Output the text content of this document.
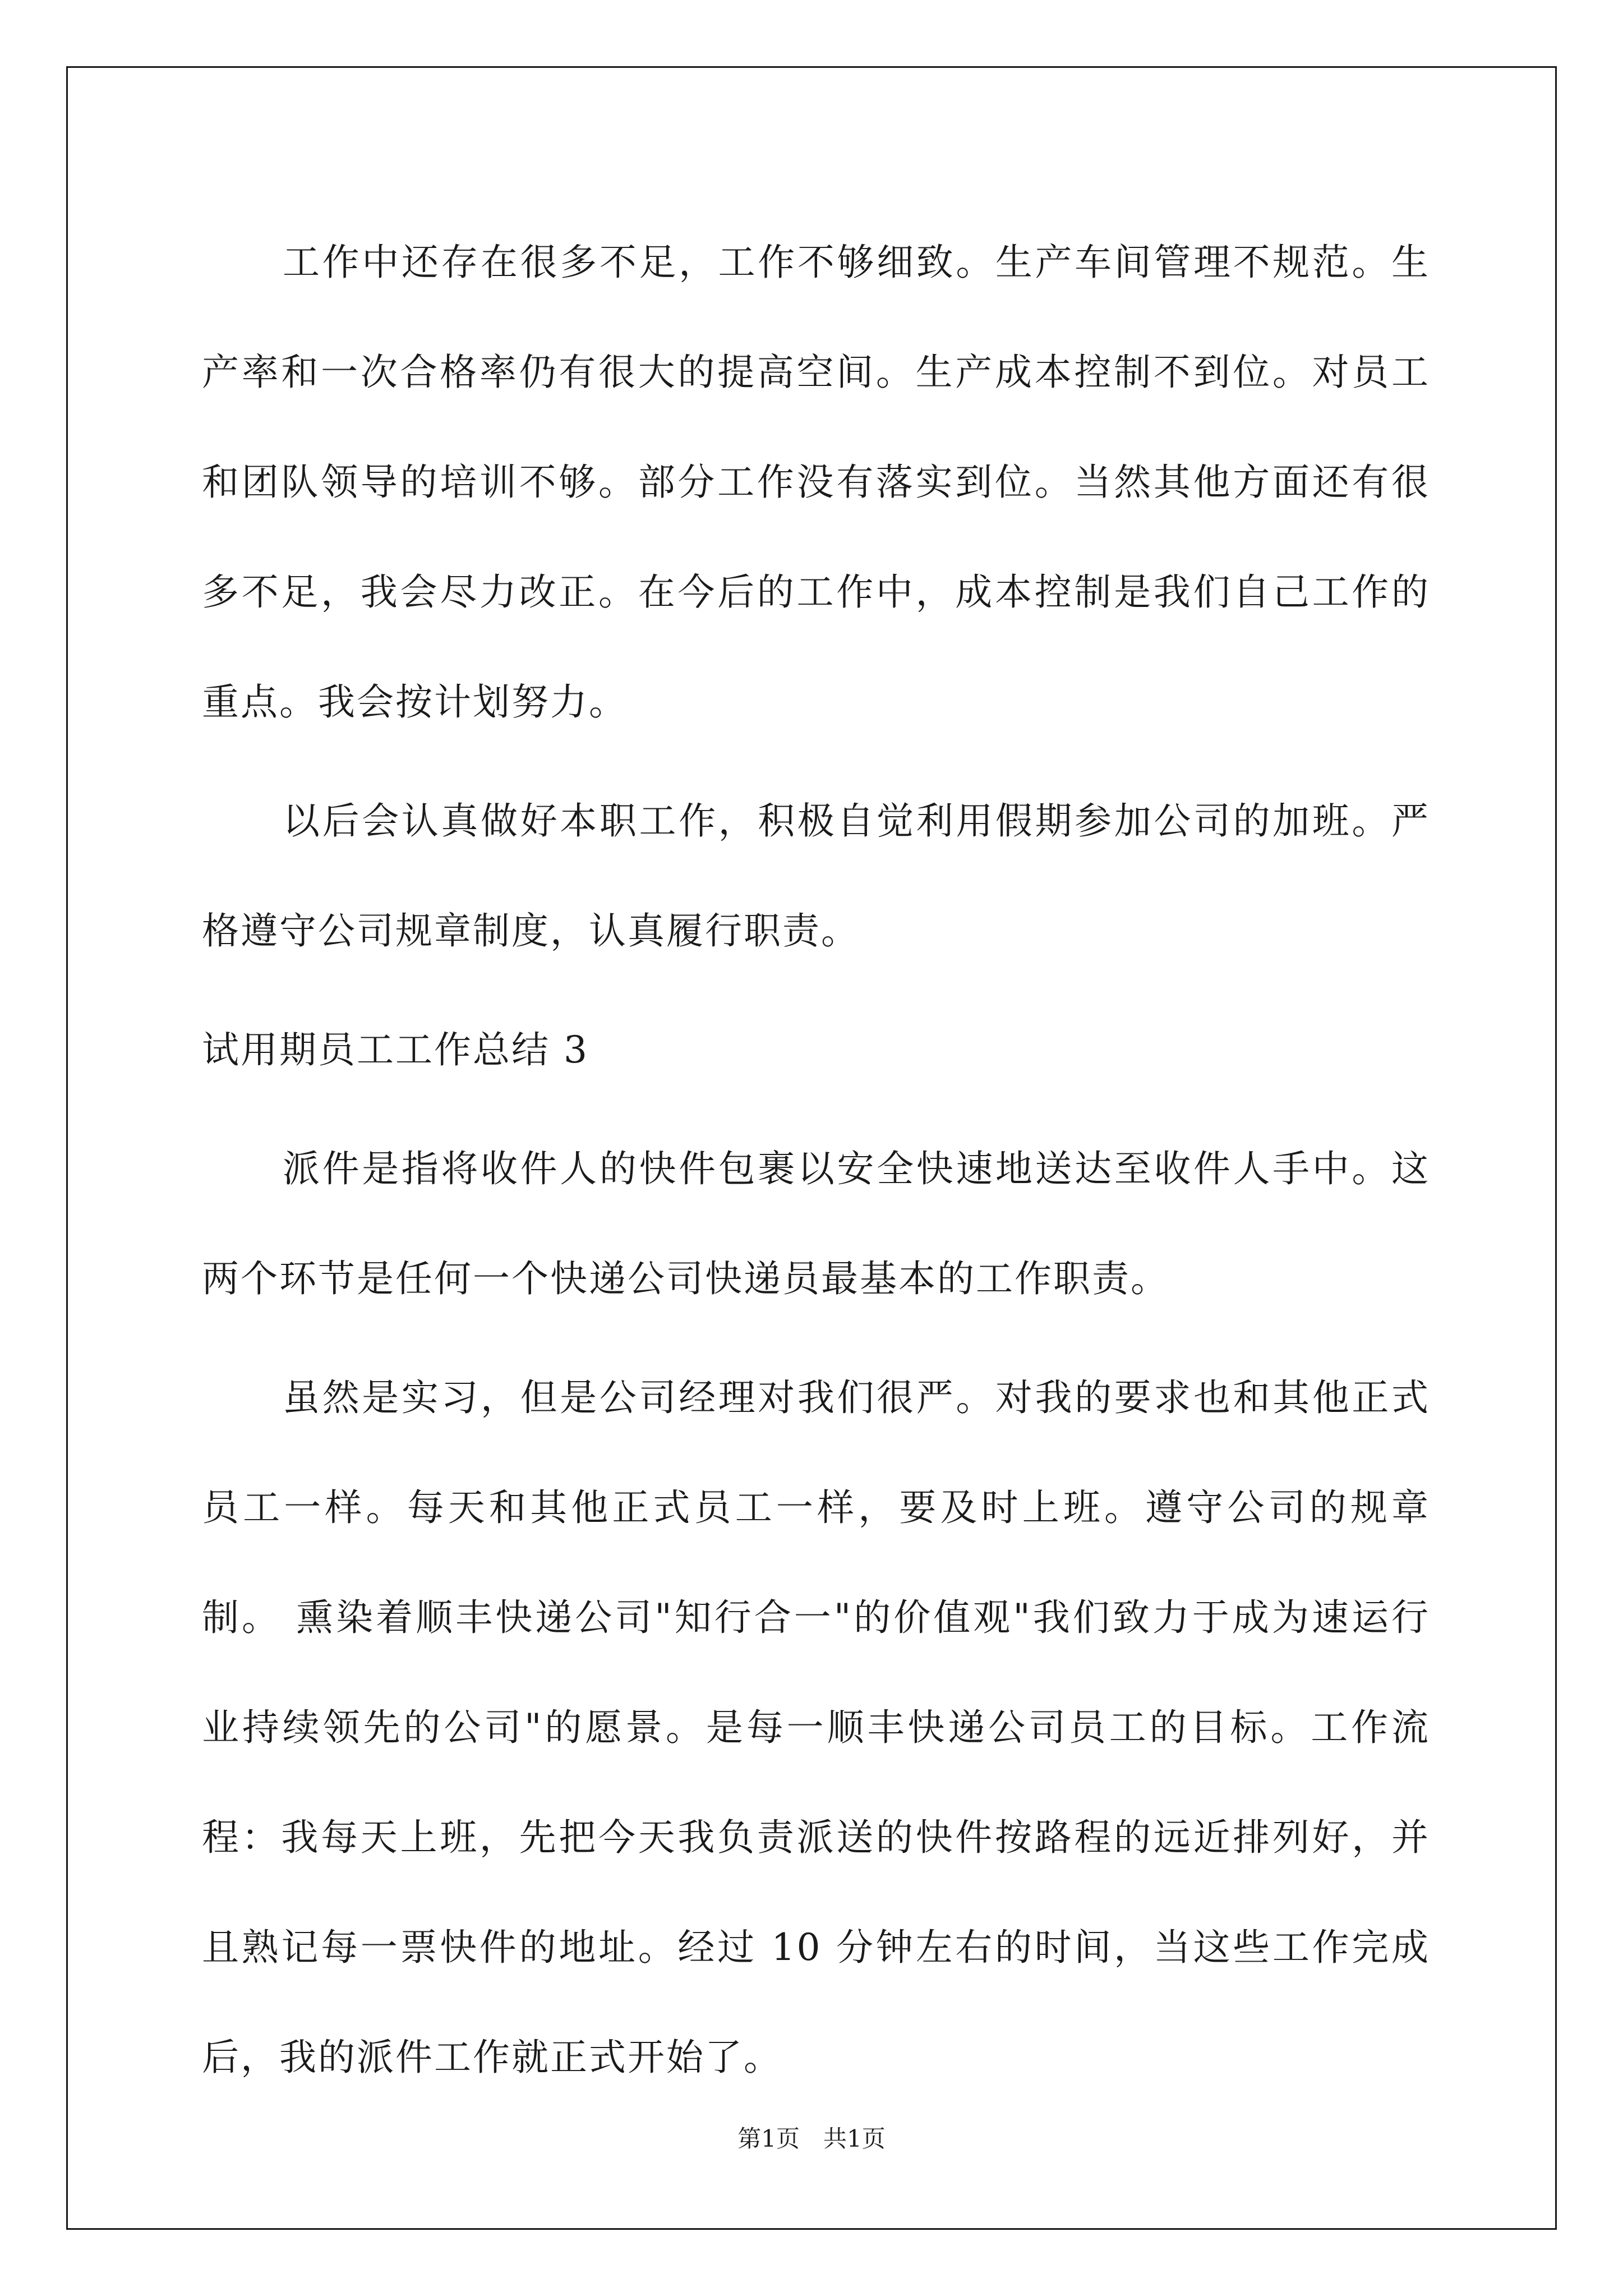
工作中还存在很多不足，工作不够细致。生产车间管理不规范。生产率和一次合格率仍有很大的提高空间。生产成本控制不到位。对员工和团队领导的培训不够。部分工作没有落实到位。当然其他方面还有很多不足，我会尽力改正。在今后的工作中，成本控制是我们自己工作的重点。我会按计划努力。

以后会认真做好本职工作，积极自觉利用假期参加公司的加班。严格遵守公司规章制度，认真履行职责。

试用期员工工作总结 3

派件是指将收件人的快件包裹以安全快速地送达至收件人手中。这两个环节是任何一个快递公司快递员最基本的工作职责。

虽然是实习，但是公司经理对我们很严。对我的要求也和其他正式员工一样。每天和其他正式员工一样，要及时上班。遵守公司的规章制。 熏染着顺丰快递公司"知行合一"的价值观"我们致力于成为速运行业持续领先的公司"的愿景。是每一顺丰快递公司员工的目标。工作流程：我每天上班，先把今天我负责派送的快件按路程的远近排列好，并且熟记每一票快件的地址。经过 10 分钟左右的时间，当这些工作完成后，我的派件工作就正式开始了。

第1页　共1页
